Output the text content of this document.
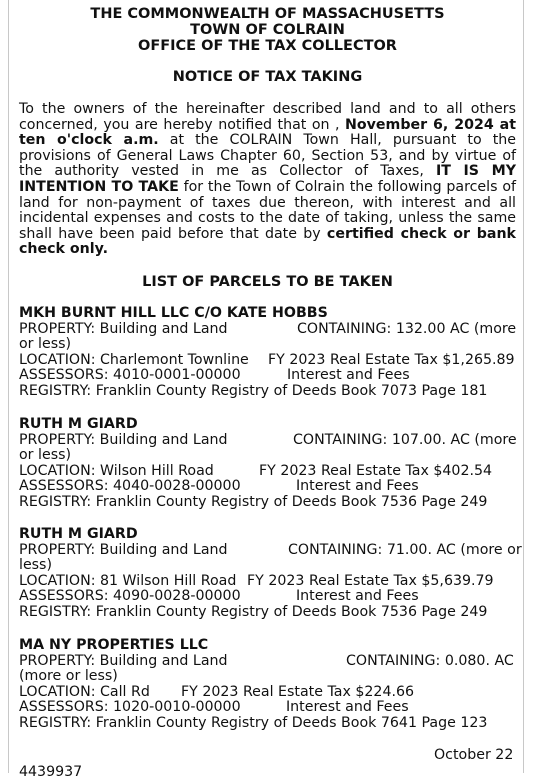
THE COMMONWEALTH OF MASSACHUSETTS
TOWN OF COLRAIN
OFFICE OF THE TAX COLLECTOR
NOTICE OF TAX TAKING
To the owners of the hereinafter described land and to all others concerned, you are hereby notified that on , November 6, 2024 at ten o'clock a.m. at the COLRAIN Town Hall, pursuant to the provisions of General Laws Chapter 60, Section 53, and by virtue of the authority vested in me as Collector of Taxes, IT IS MY INTENTION TO TAKE for the Town of Colrain the following parcels of land for non-payment of taxes due thereon, with interest and all incidental expenses and costs to the date of taking, unless the same shall have been paid before that date by certified check or bank check only.
LIST OF PARCELS TO BE TAKEN
MKH BURNT HILL LLC C/O KATE HOBBS
PROPERTY: Building and Land	CONTAINING: 132.00 AC (more
or less)
LOCATION: Charlemont Townline FY 2023 Real Estate Tax $1,265.89
ASSESSORS: 4010-0001-00000	Interest and Fees
REGISTRY: Franklin County Registry of Deeds Book 7073 Page 181
RUTH M GIARD
PROPERTY: Building and Land	CONTAINING: 107.00. AC (more
or less)
LOCATION: Wilson Hill Road	FY 2023 Real Estate Tax $402.54
ASSESSORS: 4040-0028-00000	Interest and Fees
REGISTRY: Franklin County Registry of Deeds Book 7536 Page 249
RUTH M GIARD
PROPERTY: Building and Land	CONTAINING: 71.00. AC (more or
less)
LOCATION: 81 Wilson Hill Road FY 2023 Real Estate Tax $5,639.79
ASSESSORS: 4090-0028-00000	Interest and Fees
REGISTRY: Franklin County Registry of Deeds Book 7536 Page 249
MA NY PROPERTIES LLC
PROPERTY: Building and Land	CONTAINING: 0.080. AC
(more or less)
LOCATION: Call Rd FY 2023 Real Estate Tax $224.66
ASSESSORS: 1020-0010-00000	Interest and Fees
REGISTRY: Franklin County Registry of Deeds Book 7641 Page 123
October 22
4439937
